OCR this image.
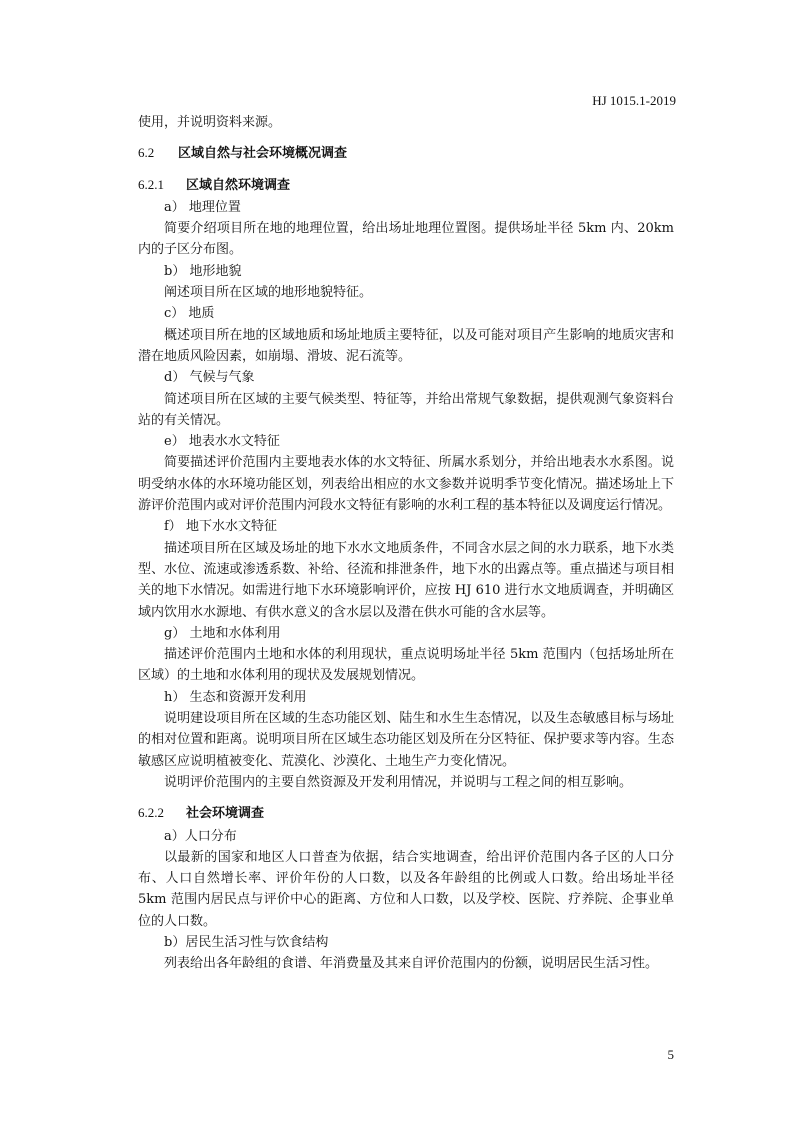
HJ 1015.1-2019

使用，并说明资料来源。

6.2 区域自然与社会环境概况调查

6.2.1 区域自然环境调查

a） 地理位置

简要介绍项目所在地的地理位置，给出场址地理位置图。提供场址半径 5km 内、20km 内的子区分布图。

b） 地形地貌

阐述项目所在区域的地形地貌特征。

c） 地质

概述项目所在地的区域地质和场址地质主要特征，以及可能对项目产生影响的地质灾害和潜在地质风险因素，如崩塌、滑坡、泥石流等。

d） 气候与气象

简述项目所在区域的主要气候类型、特征等，并给出常规气象数据，提供观测气象资料台站的有关情况。

e） 地表水水文特征

简要描述评价范围内主要地表水体的水文特征、所属水系划分，并给出地表水水系图。说明受纳水体的水环境功能区划，列表给出相应的水文参数并说明季节变化情况。描述场址上下游评价范围内或对评价范围内河段水文特征有影响的水利工程的基本特征以及调度运行情况。

f） 地下水水文特征

描述项目所在区域及场址的地下水水文地质条件，不同含水层之间的水力联系，地下水类型、水位、流速或渗透系数、补给、径流和排泄条件，地下水的出露点等。重点描述与项目相关的地下水情况。如需进行地下水环境影响评价，应按 HJ 610 进行水文地质调查，并明确区域内饮用水水源地、有供水意义的含水层以及潜在供水可能的含水层等。

g） 土地和水体利用

描述评价范围内土地和水体的利用现状，重点说明场址半径 5km 范围内（包括场址所在区域）的土地和水体利用的现状及发展规划情况。

h） 生态和资源开发利用

说明建设项目所在区域的生态功能区划、陆生和水生生态情况，以及生态敏感目标与场址的相对位置和距离。说明项目所在区域生态功能区划及所在分区特征、保护要求等内容。生态敏感区应说明植被变化、荒漠化、沙漠化、土地生产力变化情况。

说明评价范围内的主要自然资源及开发利用情况，并说明与工程之间的相互影响。

6.2.2 社会环境调查

a）人口分布

以最新的国家和地区人口普查为依据，结合实地调查，给出评价范围内各子区的人口分布、人口自然增长率、评价年份的人口数，以及各年龄组的比例或人口数。给出场址半径 5km 范围内居民点与评价中心的距离、方位和人口数，以及学校、医院、疗养院、企事业单位的人口数。

b）居民生活习性与饮食结构

列表给出各年龄组的食谱、年消费量及其来自评价范围内的份额，说明居民生活习性。

5
